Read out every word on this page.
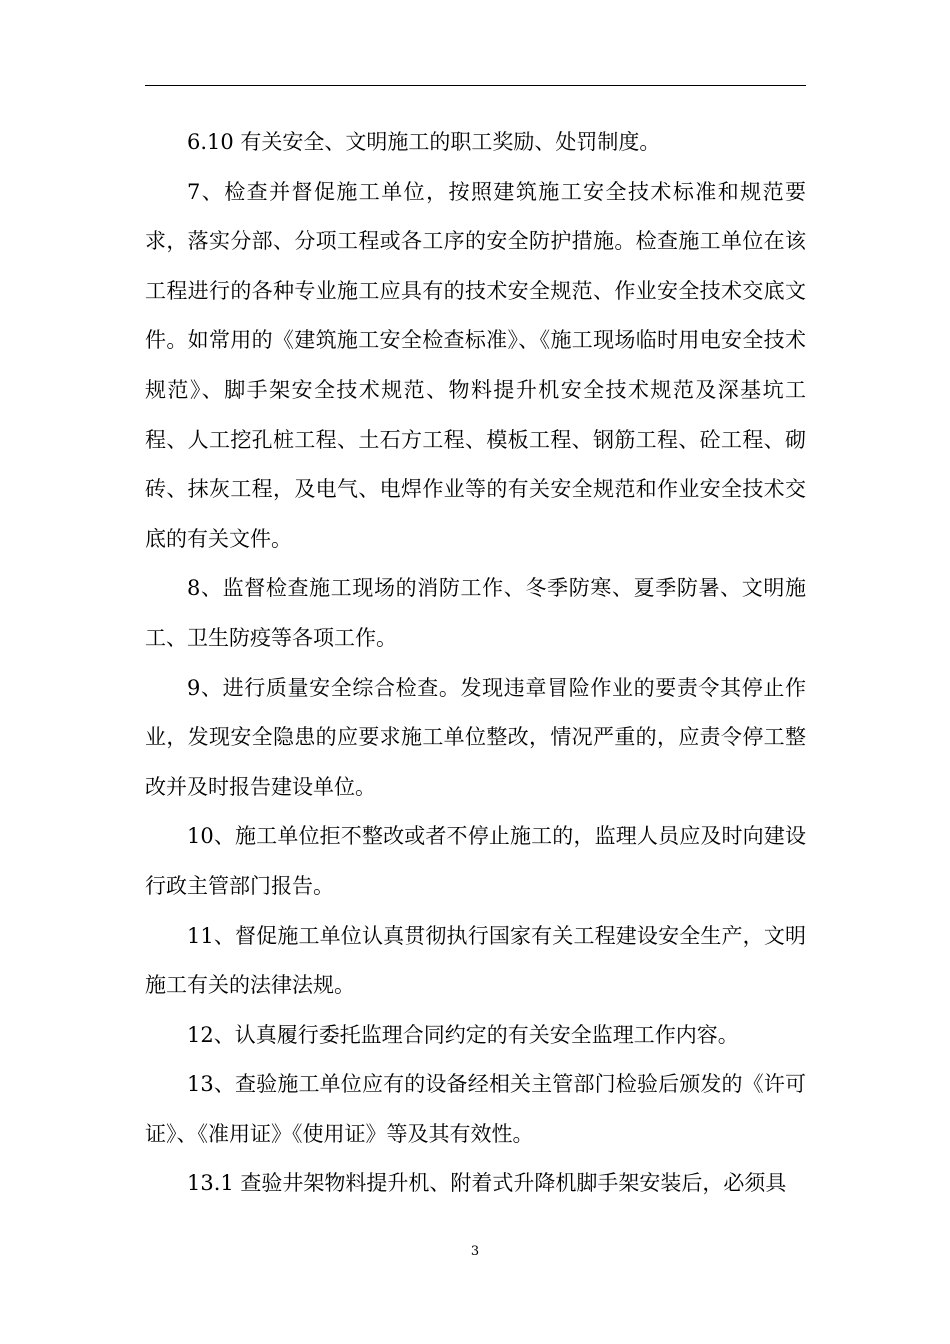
6.10 有关安全、文明施工的职工奖励、处罚制度。

7、检查并督促施工单位，按照建筑施工安全技术标准和规范要求，落实分部、分项工程或各工序的安全防护措施。检查施工单位在该工程进行的各种专业施工应具有的技术安全规范、作业安全技术交底文件。如常用的《建筑施工安全检查标准》、《施工现场临时用电安全技术规范》、脚手架安全技术规范、物料提升机安全技术规范及深基坑工程、人工挖孔桩工程、土石方工程、模板工程、钢筋工程、砼工程、砌砖、抹灰工程，及电气、电焊作业等的有关安全规范和作业安全技术交底的有关文件。

8、监督检查施工现场的消防工作、冬季防寒、夏季防暑、文明施工、卫生防疫等各项工作。

9、进行质量安全综合检查。发现违章冒险作业的要责令其停止作业，发现安全隐患的应要求施工单位整改，情况严重的，应责令停工整改并及时报告建设单位。

10、施工单位拒不整改或者不停止施工的，监理人员应及时向建设行政主管部门报告。

11、督促施工单位认真贯彻执行国家有关工程建设安全生产，文明施工有关的法律法规。

12、认真履行委托监理合同约定的有关安全监理工作内容。

13、查验施工单位应有的设备经相关主管部门检验后颁发的《许可证》、《准用证》《使用证》等及其有效性。

13.1 查验井架物料提升机、附着式升降机脚手架安装后，必须具

3
